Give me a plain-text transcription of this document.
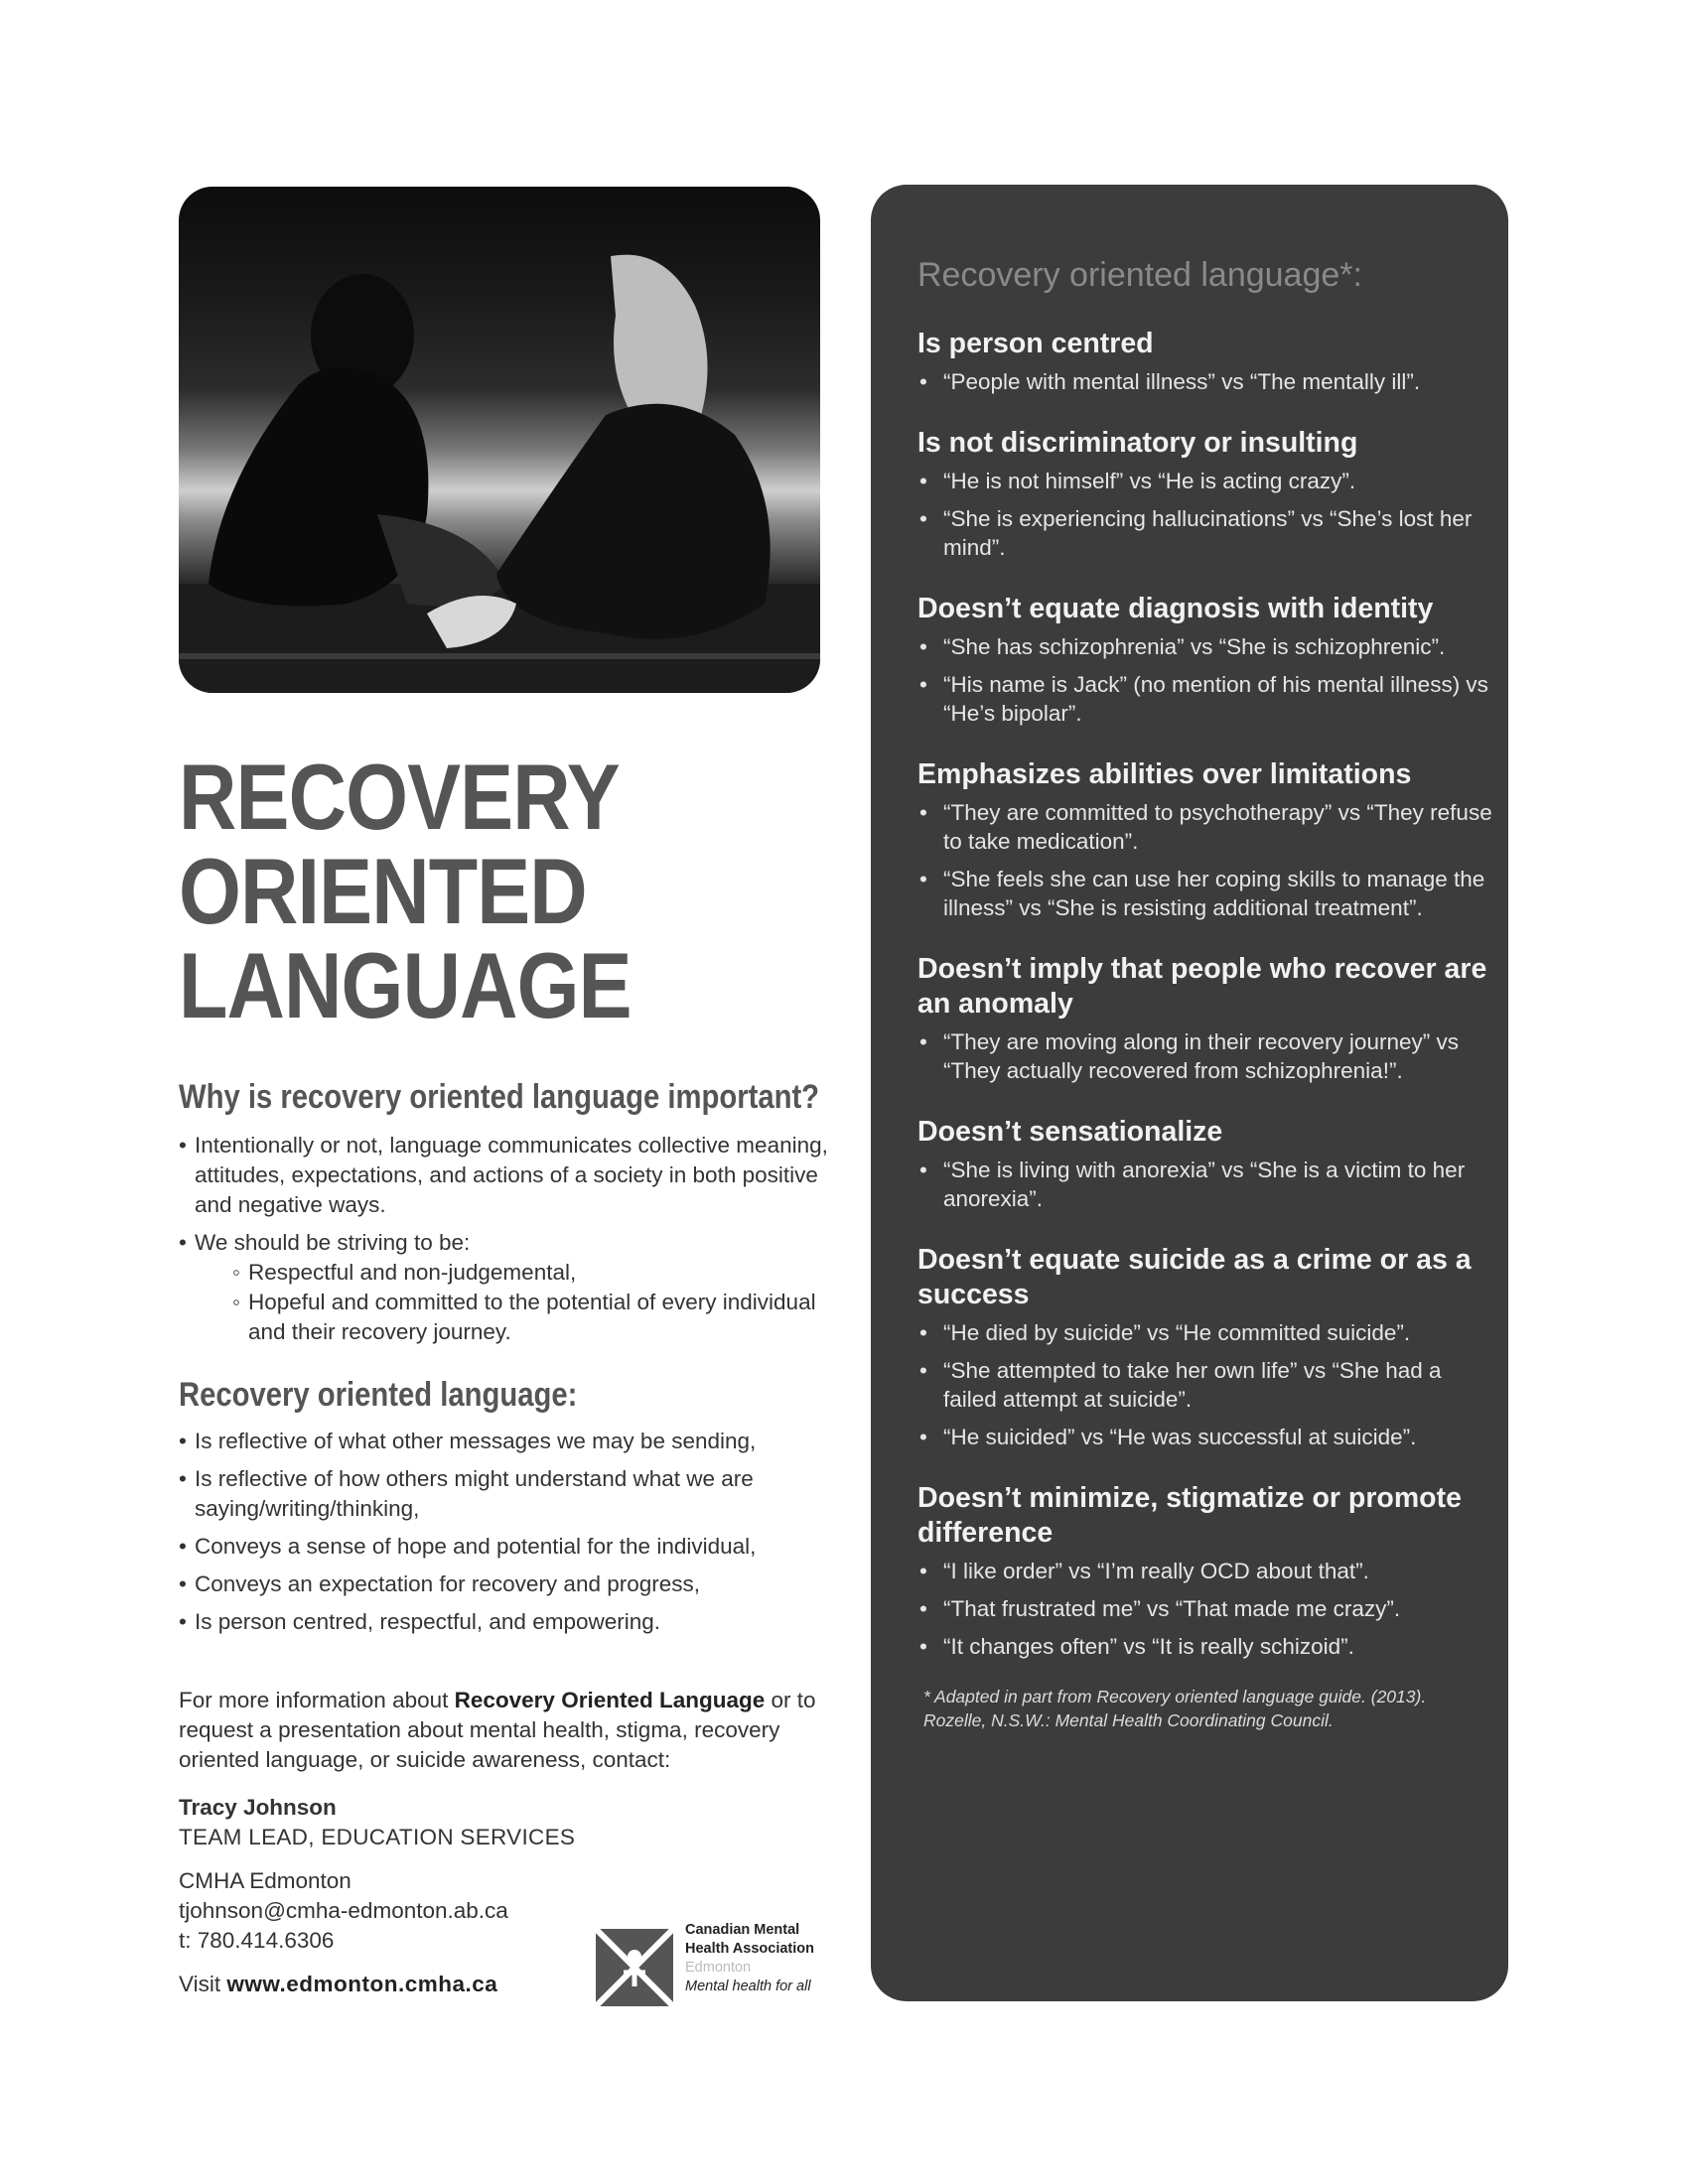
RECOVERY
ORIENTED
LANGUAGE
Why is recovery oriented language important?
• Intentionally or not, language communicates collective meaning, attitudes, expectations, and actions of a society in both positive and negative ways.
• We should be striving to be:
◦ Respectful and non-judgemental,
◦ Hopeful and committed to the potential of every individual and their recovery journey.
Recovery oriented language:
• Is reflective of what other messages we may be sending,
• Is reflective of how others might understand what we are saying/writing/thinking,
• Conveys a sense of hope and potential for the individual,
• Conveys an expectation for recovery and progress,
• Is person centred, respectful, and empowering.

For more information about Recovery Oriented Language or to request a presentation about mental health, stigma, recovery oriented language, or suicide awareness, contact:

Tracy Johnson

TEAM LEAD, EDUCATION SERVICES

CMHA Edmonton

tjohnson@cmha-edmonton.ab.ca

t: 780.414.6306

Visit www.edmonton.cmha.ca

Canadian Mental
Health Association
Edmonton
Mental health for all
Recovery oriented language*:
Is person centred
• “People with mental illness” vs “The mentally ill”.
Is not discriminatory or insulting
• “He is not himself” vs “He is acting crazy”.
• “She is experiencing hallucinations” vs “She’s lost her mind”.
Doesn’t equate diagnosis with identity
• “She has schizophrenia” vs “She is schizophrenic”.
• “His name is Jack” (no mention of his mental illness) vs “He’s bipolar”.
Emphasizes abilities over limitations
• “They are committed to psychotherapy” vs “They refuse to take medication”.
• “She feels she can use her coping skills to manage the illness” vs “She is resisting additional treatment”.
Doesn’t imply that people who recover are an anomaly
• “They are moving along in their recovery journey” vs “They actually recovered from schizophrenia!”.
Doesn’t sensationalize
• “She is living with anorexia” vs “She is a victim to her anorexia”.
Doesn’t equate suicide as a crime or as a success
• “He died by suicide” vs “He committed suicide”.
• “She attempted to take her own life” vs “She had a failed attempt at suicide”.
• “He suicided” vs “He was successful at suicide”.
Doesn’t minimize, stigmatize or promote difference
• “I like order” vs “I’m really OCD about that”.
• “That frustrated me” vs “That made me crazy”.
• “It changes often” vs “It is really schizoid”.
* Adapted in part from Recovery oriented language guide. (2013). Rozelle, N.S.W.: Mental Health Coordinating Council.
